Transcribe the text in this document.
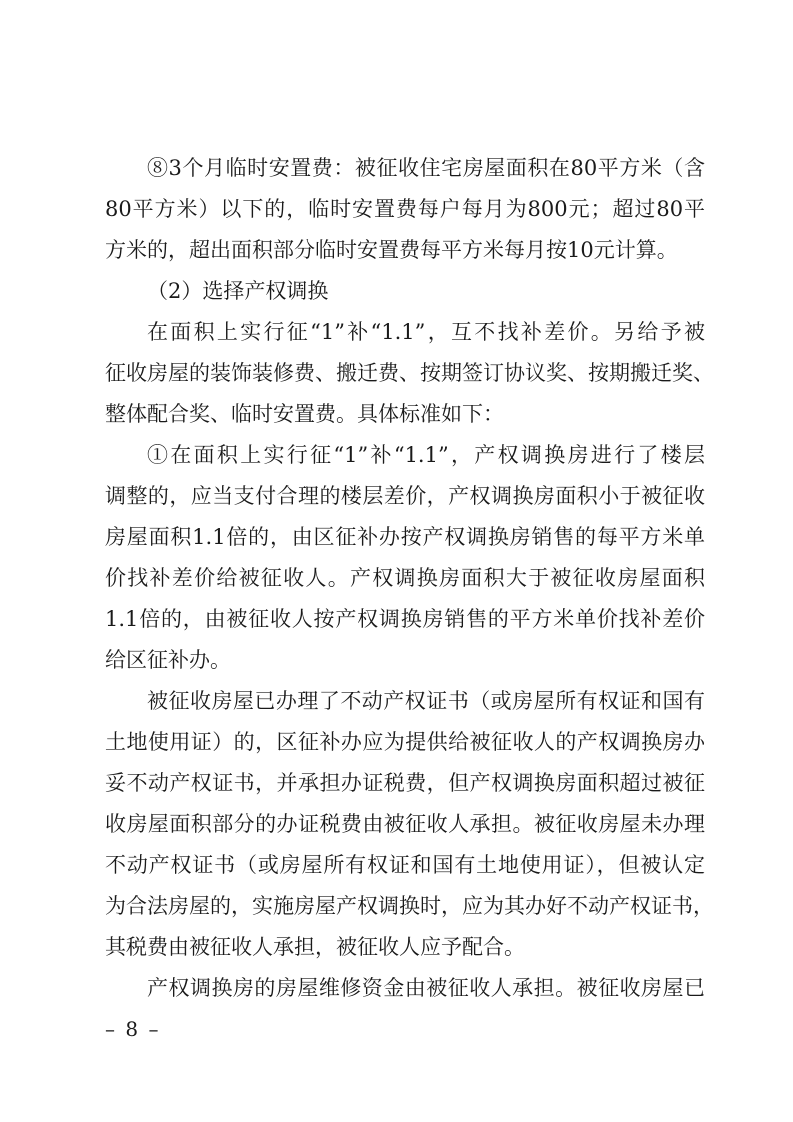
⑧3个月临时安置费：被征收住宅房屋面积在80平方米（含
80平方米）以下的，临时安置费每户每月为800元；超过80平
方米的，超出面积部分临时安置费每平方米每月按10元计算。
（2）选择产权调换
在面积上实行征“1”补“1.1”，互不找补差价。另给予被
征收房屋的装饰装修费、搬迁费、按期签订协议奖、按期搬迁奖、
整体配合奖、临时安置费。具体标准如下：
①在面积上实行征“1”补“1.1”，产权调换房进行了楼层
调整的，应当支付合理的楼层差价，产权调换房面积小于被征收
房屋面积1.1倍的，由区征补办按产权调换房销售的每平方米单
价找补差价给被征收人。产权调换房面积大于被征收房屋面积
1.1倍的，由被征收人按产权调换房销售的平方米单价找补差价
给区征补办。
被征收房屋已办理了不动产权证书（或房屋所有权证和国有
土地使用证）的，区征补办应为提供给被征收人的产权调换房办
妥不动产权证书，并承担办证税费，但产权调换房面积超过被征
收房屋面积部分的办证税费由被征收人承担。被征收房屋未办理
不动产权证书（或房屋所有权证和国有土地使用证），但被认定
为合法房屋的，实施房屋产权调换时，应为其办好不动产权证书，
其税费由被征收人承担，被征收人应予配合。
产权调换房的房屋维修资金由被征收人承担。被征收房屋已
– 8 –
